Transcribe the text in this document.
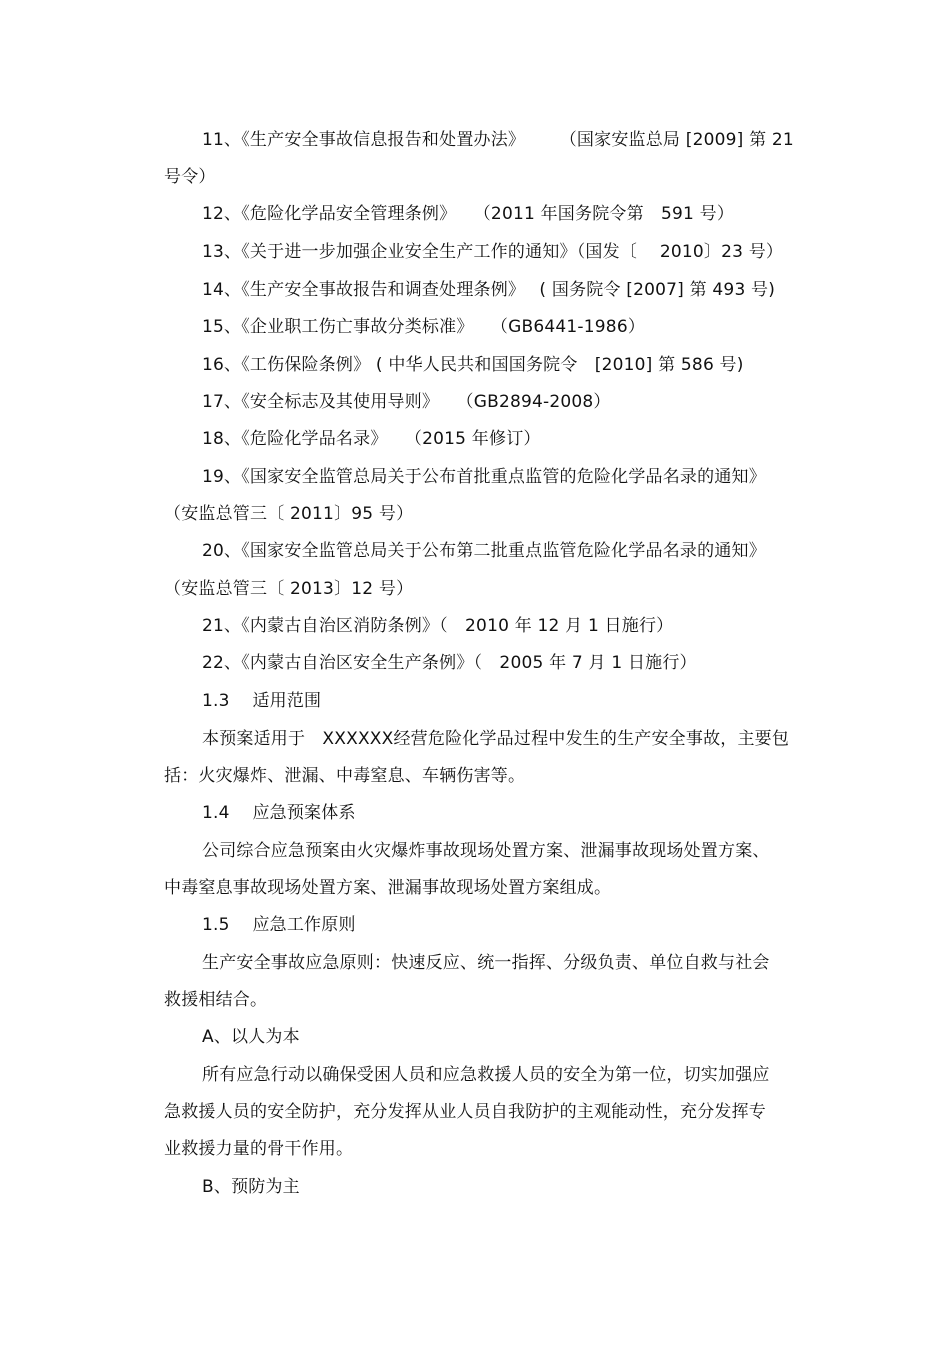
11、《生产安全事故信息报告和处置办法》　　　（国家安监总局 [2009] 第 21
号令）
12、《危险化学品安全管理条例》　　（2011 年国务院令第　591 号）
13、《关于进一步加强企业安全生产工作的通知》（国发〔　 2010〕23 号）
14、《生产安全事故报告和调查处理条例》　 ( 国务院令 [2007] 第 493 号)
15、《企业职工伤亡事故分类标准》　　（GB6441-1986）
16、《工伤保险条例》 ( 中华人民共和国国务院令　[2010] 第 586 号)
17、《安全标志及其使用导则》　　（GB2894-2008）
18、《危险化学品名录》　　（2015 年修订）
19、《国家安全监管总局关于公布首批重点监管的危险化学品名录的通知》
（安监总管三〔 2011〕95 号）
20、《国家安全监管总局关于公布第二批重点监管危险化学品名录的通知》
（安监总管三〔 2013〕12 号）
21、《内蒙古自治区消防条例》（　2010 年 12 月 1 日施行）
22、《内蒙古自治区安全生产条例》（　2005 年 7 月 1 日施行）
1.3　 适用范围
本预案适用于　XXXXXX经营危险化学品过程中发生的生产安全事故，主要包
括：火灾爆炸、泄漏、中毒窒息、车辆伤害等。
1.4　 应急预案体系
公司综合应急预案由火灾爆炸事故现场处置方案、泄漏事故现场处置方案、
中毒窒息事故现场处置方案、泄漏事故现场处置方案组成。
1.5　 应急工作原则
生产安全事故应急原则：快速反应、统一指挥、分级负责、单位自救与社会
救援相结合。
A、以人为本
所有应急行动以确保受困人员和应急救援人员的安全为第一位，切实加强应
急救援人员的安全防护，充分发挥从业人员自我防护的主观能动性，充分发挥专
业救援力量的骨干作用。
B、预防为主
